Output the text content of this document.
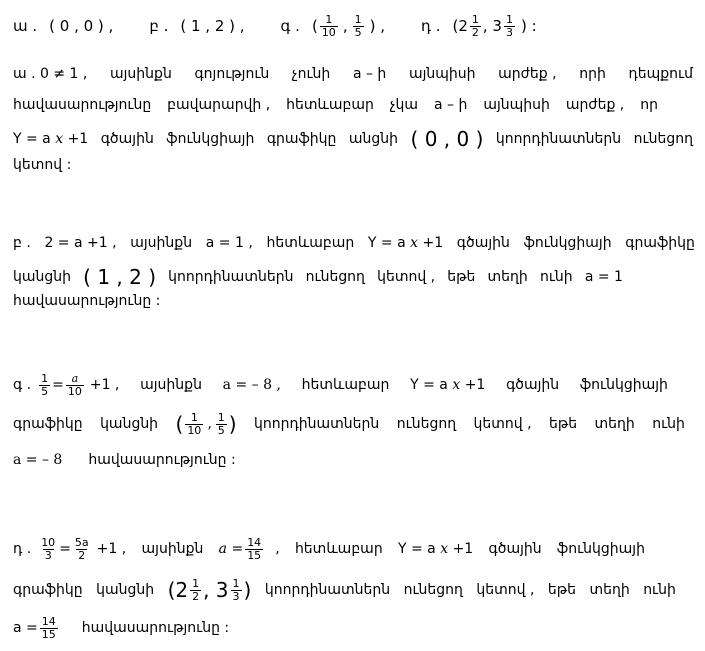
ա . ( 0 , 0 ) , բ . ( 1 , 2 ) , գ . ( $\frac{1}{10}$ , $\frac{1}{5}$ ) , դ . ($2 \frac{1}{2}$ , $3 \frac{1}{3}$ ) :
ա . 0 ≠ 1 , այսինքն գոյություն չունի a – ի այնպիսի արժեք , որի դեպքում
հավասարությունը բավարարվի , հետևաբար չկա a – ի այնպիսի արժեք , որ
Y = a x +1 գծային ֆունկցիայի գրաֆիկը անցնի ( 0 , 0 ) կոորդինատներն ունեցող
կետով :
բ . 2 = a +1 , այսինքն a = 1 , հետևաբար Y = a x +1 գծային ֆունկցիայի գրաֆիկը
կանցնի ( 1 , 2 ) կոորդինատներն ունեցող կետով , եթե տեղի ունի a = 1
հավասարությունը :
գ . $\frac{1}{5} = \frac{a}{10} +1$ , այսինքն a = – 8 , հետևաբար Y = a x +1 գծային ֆունկցիայի
գրաֆիկը կանցնի ( $\frac{1}{10}$ , $\frac{1}{5}$ ) կոորդինատներն ունեցող կետով , եթե տեղի ունի
a = – 8 հավասարությունը :
դ . $\frac{10}{3} = \frac{5a}{2} +1$ , այսինքն $a = \frac{14}{15}$ , հետևաբար Y = a x +1 գծային ֆունկցիայի
գրաֆիկը կանցնի ($2 \frac{1}{2}$ , $3 \frac{1}{3}$ ) կոորդինատներն ունեցող կետով , եթե տեղի ունի
$a = \frac{14}{15}$ հավասարությունը :
